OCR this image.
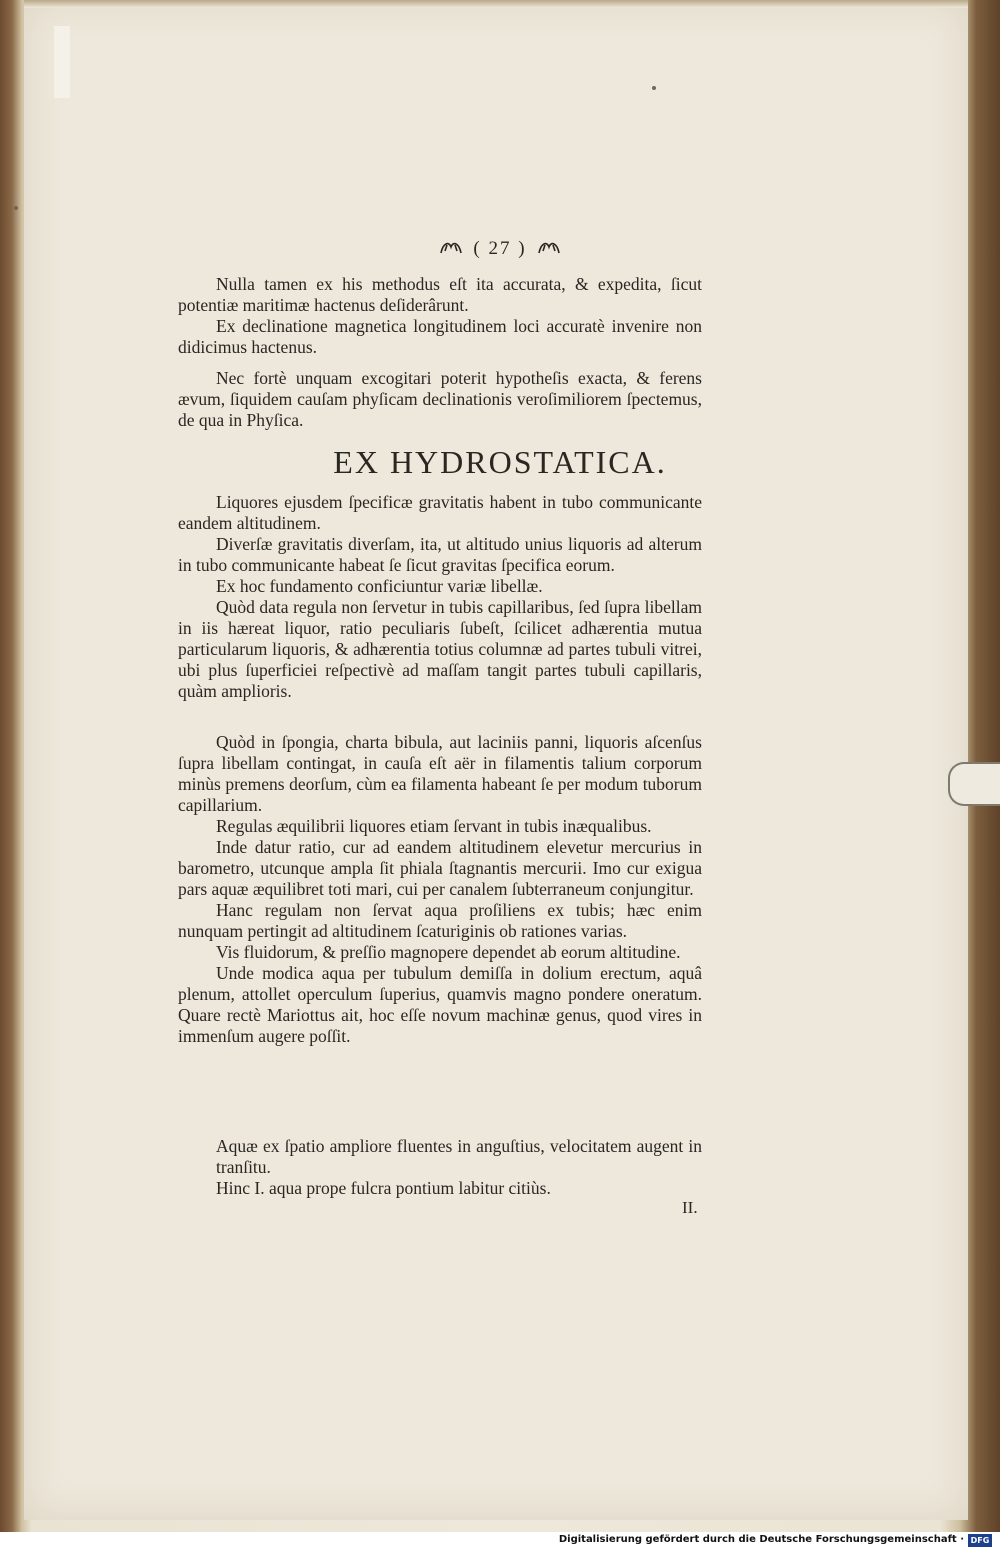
( 27 )

Nulla tamen ex his methodus eſt ita accurata, & expedita, ſicut potentiæ maritimæ hactenus deſiderârunt.

Ex declinatione magnetica longitudinem loci accuratè invenire non didicimus hactenus.

Nec fortè unquam excogitari poterit hypotheſis exacta, & ferens ævum, ſiquidem cauſam phyſicam declinationis veroſimiliorem ſpectemus, de qua in Phyſica.

EX HYDROSTATICA.

Liquores ejusdem ſpecificæ gravitatis habent in tubo communicante eandem altitudinem.

Diverſæ gravitatis diverſam, ita, ut altitudo unius liquoris ad alterum in tubo communicante habeat ſe ſicut gravitas ſpecifica eorum.

Ex hoc fundamento conficiuntur variæ libellæ.

Quòd data regula non ſervetur in tubis capillaribus, ſed ſupra libellam in iis hæreat liquor, ratio peculiaris ſubeſt, ſcilicet adhærentia mutua particularum liquoris, & adhærentia totius columnæ ad partes tubuli vitrei, ubi plus ſuperficiei reſpectivè ad maſſam tangit partes tubuli capillaris, quàm amplioris.

Quòd in ſpongia, charta bibula, aut laciniis panni, liquoris aſcenſus ſupra libellam contingat, in cauſa eſt aër in filamentis talium corporum minùs premens deorſum, cùm ea filamenta habeant ſe per modum tuborum capillarium.

Regulas æquilibrii liquores etiam ſervant in tubis inæqualibus.

Inde datur ratio, cur ad eandem altitudinem elevetur mercurius in barometro, utcunque ampla ſit phiala ſtagnantis mercurii. Imo cur exigua pars aquæ æquilibret toti mari, cui per canalem ſubterraneum conjungitur.

Hanc regulam non ſervat aqua proſiliens ex tubis; hæc enim nunquam pertingit ad altitudinem ſcaturiginis ob rationes varias.

Vis fluidorum, & preſſio magnopere dependet ab eorum altitudine.

Unde modica aqua per tubulum demiſſa in dolium erectum, aquâ plenum, attollet operculum ſuperius, quamvis magno pondere oneratum. Quare rectè Mariottus ait, hoc eſſe novum machinæ genus, quod vires in immenſum augere poſſit.

Aquæ ex ſpatio ampliore fluentes in anguſtius, velocitatem augent in tranſitu.

Hinc I. aqua prope fulcra pontium labitur citiùs.

II.
Digitalisierung gefördert durch die Deutsche Forschungsgemeinschaft · DFG
